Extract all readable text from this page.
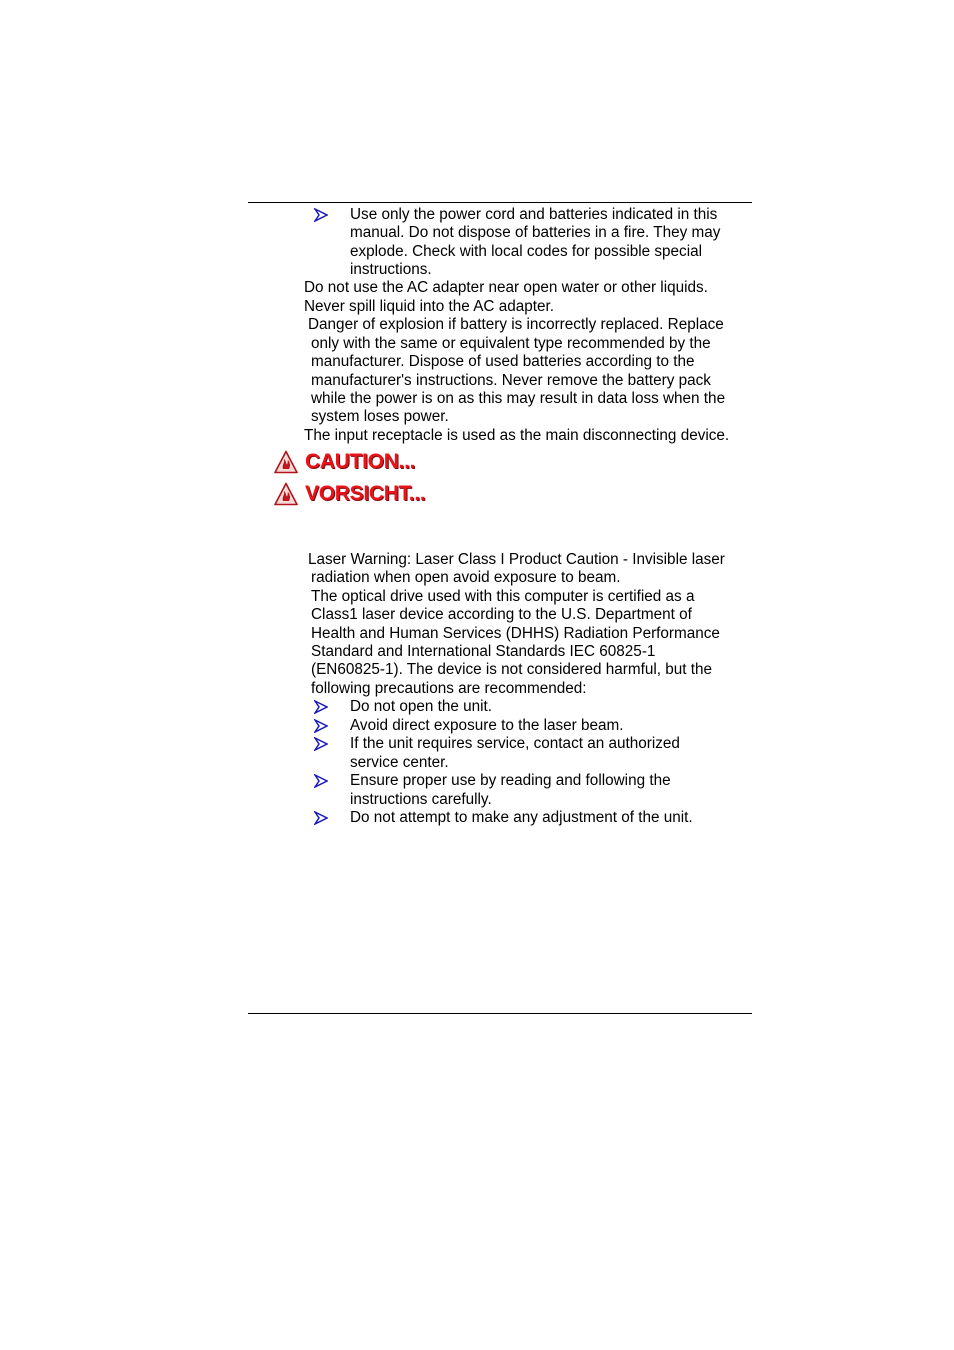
Use only the power cord and batteries indicated in this
manual. Do not dispose of batteries in a fire. They may
explode. Check with local codes for possible special
instructions.
Do not use the AC adapter near open water or other liquids.
Never spill liquid into the AC adapter.
Danger of explosion if battery is incorrectly replaced. Replace
only with the same or equivalent type recommended by the
manufacturer. Dispose of used batteries according to the
manufacturer's instructions. Never remove the battery pack
while the power is on as this may result in data loss when the
system loses power.
The input receptacle is used as the main disconnecting device.
CAUTION...
VORSICHT...
Laser Warning: Laser Class I Product Caution - Invisible laser
radiation when open avoid exposure to beam.
The optical drive used with this computer is certified as a
Class1 laser device according to the U.S. Department of
Health and Human Services (DHHS) Radiation Performance
Standard and International Standards IEC 60825-1
(EN60825-1). The device is not considered harmful, but the
following precautions are recommended:
Do not open the unit.
Avoid direct exposure to the laser beam.
If the unit requires service, contact an authorized
service center.
Ensure proper use by reading and following the
instructions carefully.
Do not attempt to make any adjustment of the unit.
